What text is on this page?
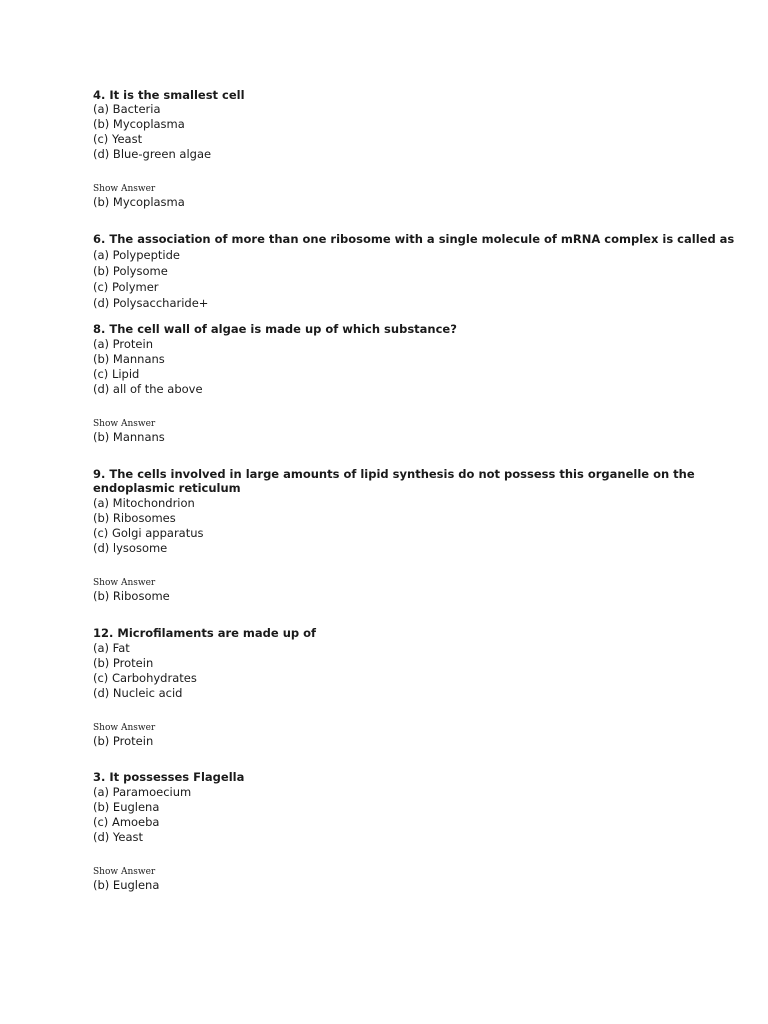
4. It is the smallest cell
(a) Bacteria
(b) Mycoplasma
(c) Yeast
(d) Blue-green algae
Show Answer
(b) Mycoplasma
6. The association of more than one ribosome with a single molecule of mRNA complex is called as
(a) Polypeptide
(b) Polysome
(c) Polymer
(d) Polysaccharide+
8. The cell wall of algae is made up of which substance?
(a) Protein
(b) Mannans
(c) Lipid
(d) all of the above
Show Answer
(b) Mannans
9. The cells involved in large amounts of lipid synthesis do not possess this organelle on the
endoplasmic reticulum
(a) Mitochondrion
(b) Ribosomes
(c) Golgi apparatus
(d) lysosome
Show Answer
(b) Ribosome
12. Microfilaments are made up of
(a) Fat
(b) Protein
(c) Carbohydrates
(d) Nucleic acid
Show Answer
(b) Protein
3. It possesses Flagella
(a) Paramoecium
(b) Euglena
(c) Amoeba
(d) Yeast
Show Answer
(b) Euglena
